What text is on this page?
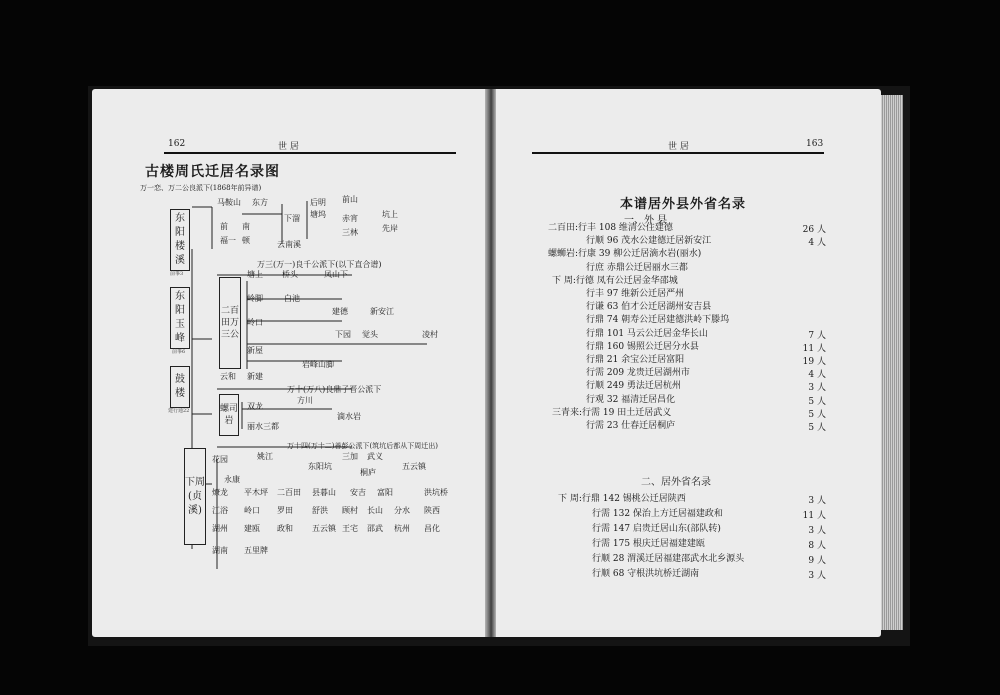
162	世 居
古楼周氏迁居名录图
万一恋、万二公良派下(1868年前异谱)
东阳楼溪
前事3
东阳玉峰
前事6
鼓楼
建行通22
下周(贞溪)
马鞍山 东方
前 南
下溜
后明 前山
坑上
福一 顿	云南溪
塘坞 赤宵
三林	先岸
万三(万一)良千公派下(以下直合谱)
二百田万三公
塘上 桥头	凤山下
岭脚	白池
建德	新安江
岭口
下园 觉头	凌村
新屋
岩峰山脚
云和 新建
万十(万八)良鼎子晋公派下
螺司岩
双龙
方川
丽水三都
滴水岩
万十四(万十二)善彭公派下(筑坑后都从下周迁出)
花园	姚江	三加 武义
东阳坑
桐庐
五云镇
永康
燎龙 平木坪 二百田 县暮山 安吉 富阳	洪坑桥
江浴 岭口 罗田 舒洪 顾村 长山 分水 陕西
湖州 建瓯 政和 五云镇 王宅 邵武 杭州 昌化
湖南 五里牌
世 居	163
本谱居外县外省名录
一、外 县
二百田:行丰 108 维清公住建德	26 人
行顺 96 茂水公建德迁居新安江	4 人
螺蛳岩:行康 39 柳公迁居滴水岩(丽水)
行庶 赤鼎公迁居丽水三都
下 周:行德 凤有公迁居金华邵城
行丰 97 维新公迁居严州
行谦 63 伯才公迁居湖州安吉县
行鼎 74 朝寿公迁居建德洪岭下滕坞
行鼎 101 马云公迁居金华长山	7 人
行鼎 160 锡照公迁居分水县	11 人
行鼎 21 余宝公迁居富阳	19 人
行需 209 龙贵迁居湖州市	4 人
行顺 249 勇法迁居杭州	3 人
行观 32 福清迁居昌化	5 人
三青来:行需 19 田土迁居武义	5 人
行需 23 仕春迁居桐庐	5 人
二、居外省名录
下 周:行鼎 142 锡桃公迁居陕西	3 人
行需 132 保治上方迁居福建政和	11 人
行需 147 启贵迁居山东(部队转)	3 人
行需 175 根庆迁居福建建瓯	8 人
行顺 28 渭溪迁居福建邵武水北乡源头	9 人
行顺 68 守根洪坑桥迁湖南	3 人
